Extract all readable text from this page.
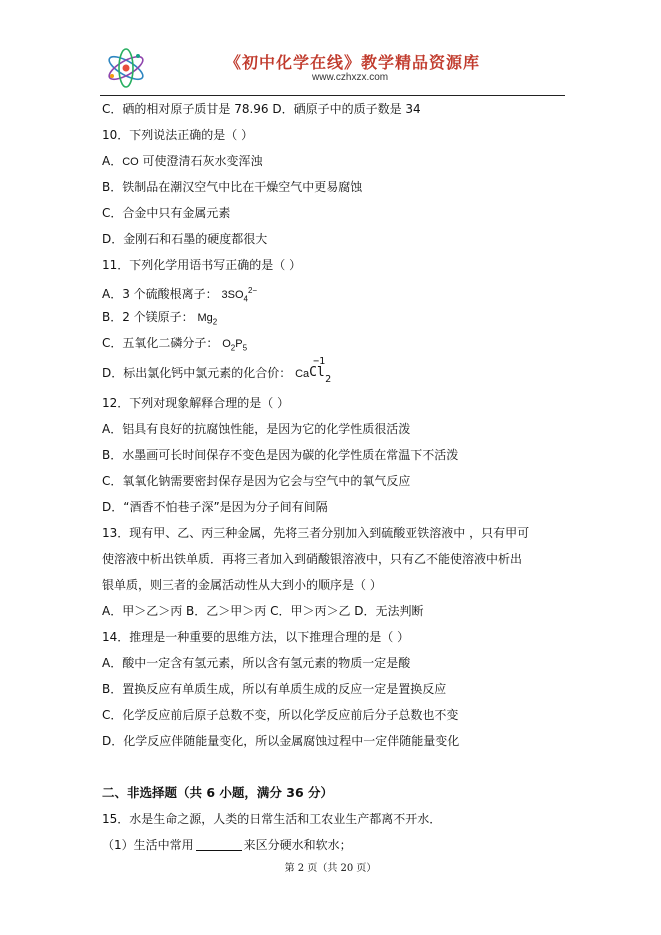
《初中化学在线》教学精品资源库
www.czhxzx.com
C．硒的相对原子质甘是 78.96 D．硒原子中的质子数是 34
10．下列说法正确的是（ ）
A．CO 可使澄清石灰水变浑浊
B．铁制品在潮汉空气中比在干燥空气中更易腐蚀
C．合金中只有金属元素
D．金刚石和石墨的硬度都很大
11．下列化学用语书写正确的是（ ）
A．3 个硫酸根离子： $3SO_4^{2-}$
B．2 个镁原子： $Mg_2$
C．五氧化二磷分子： $O_2P_5$
D．标出氯化钙中氯元素的化合价： Ca
−1
Cl 2
12．下列对现象解释合理的是（ ）
A．铝具有良好的抗腐蚀性能，是因为它的化学性质很活泼
B．水墨画可长时间保存不变色是因为碳的化学性质在常温下不活泼
C．氧氧化钠需要密封保存是因为它会与空气中的氧气反应
D．“酒香不怕巷子深”是因为分子间有间隔
13．现有甲、乙、丙三种金属，先将三者分别加入到硫酸亚铁溶液中 ，只有甲可
使溶液中析出铁单质．再将三者加入到硝酸银溶液中，只有乙不能使溶液中析出
银单质，则三者的金属活动性从大到小的顺序是（ ）
A．甲＞乙＞丙 B．乙＞甲＞丙 C．甲＞丙＞乙 D．无法判断
14．推理是一种重要的思维方法，以下推理合理的是（ ）
A．酸中一定含有氢元素，所以含有氢元素的物质一定是酸
B．置换反应有单质生成，所以有单质生成的反应一定是置换反应
C．化学反应前后原子总数不变，所以化学反应前后分子总数也不变
D．化学反应伴随能量变化，所以金属腐蚀过程中一定伴随能量变化
二、非选择题（共 6 小题，满分 36 分）
15．水是生命之源，人类的日常生活和工农业生产都离不开水．
（1）生活中常用	来区分硬水和软水；
第 2 页（共 20 页）
